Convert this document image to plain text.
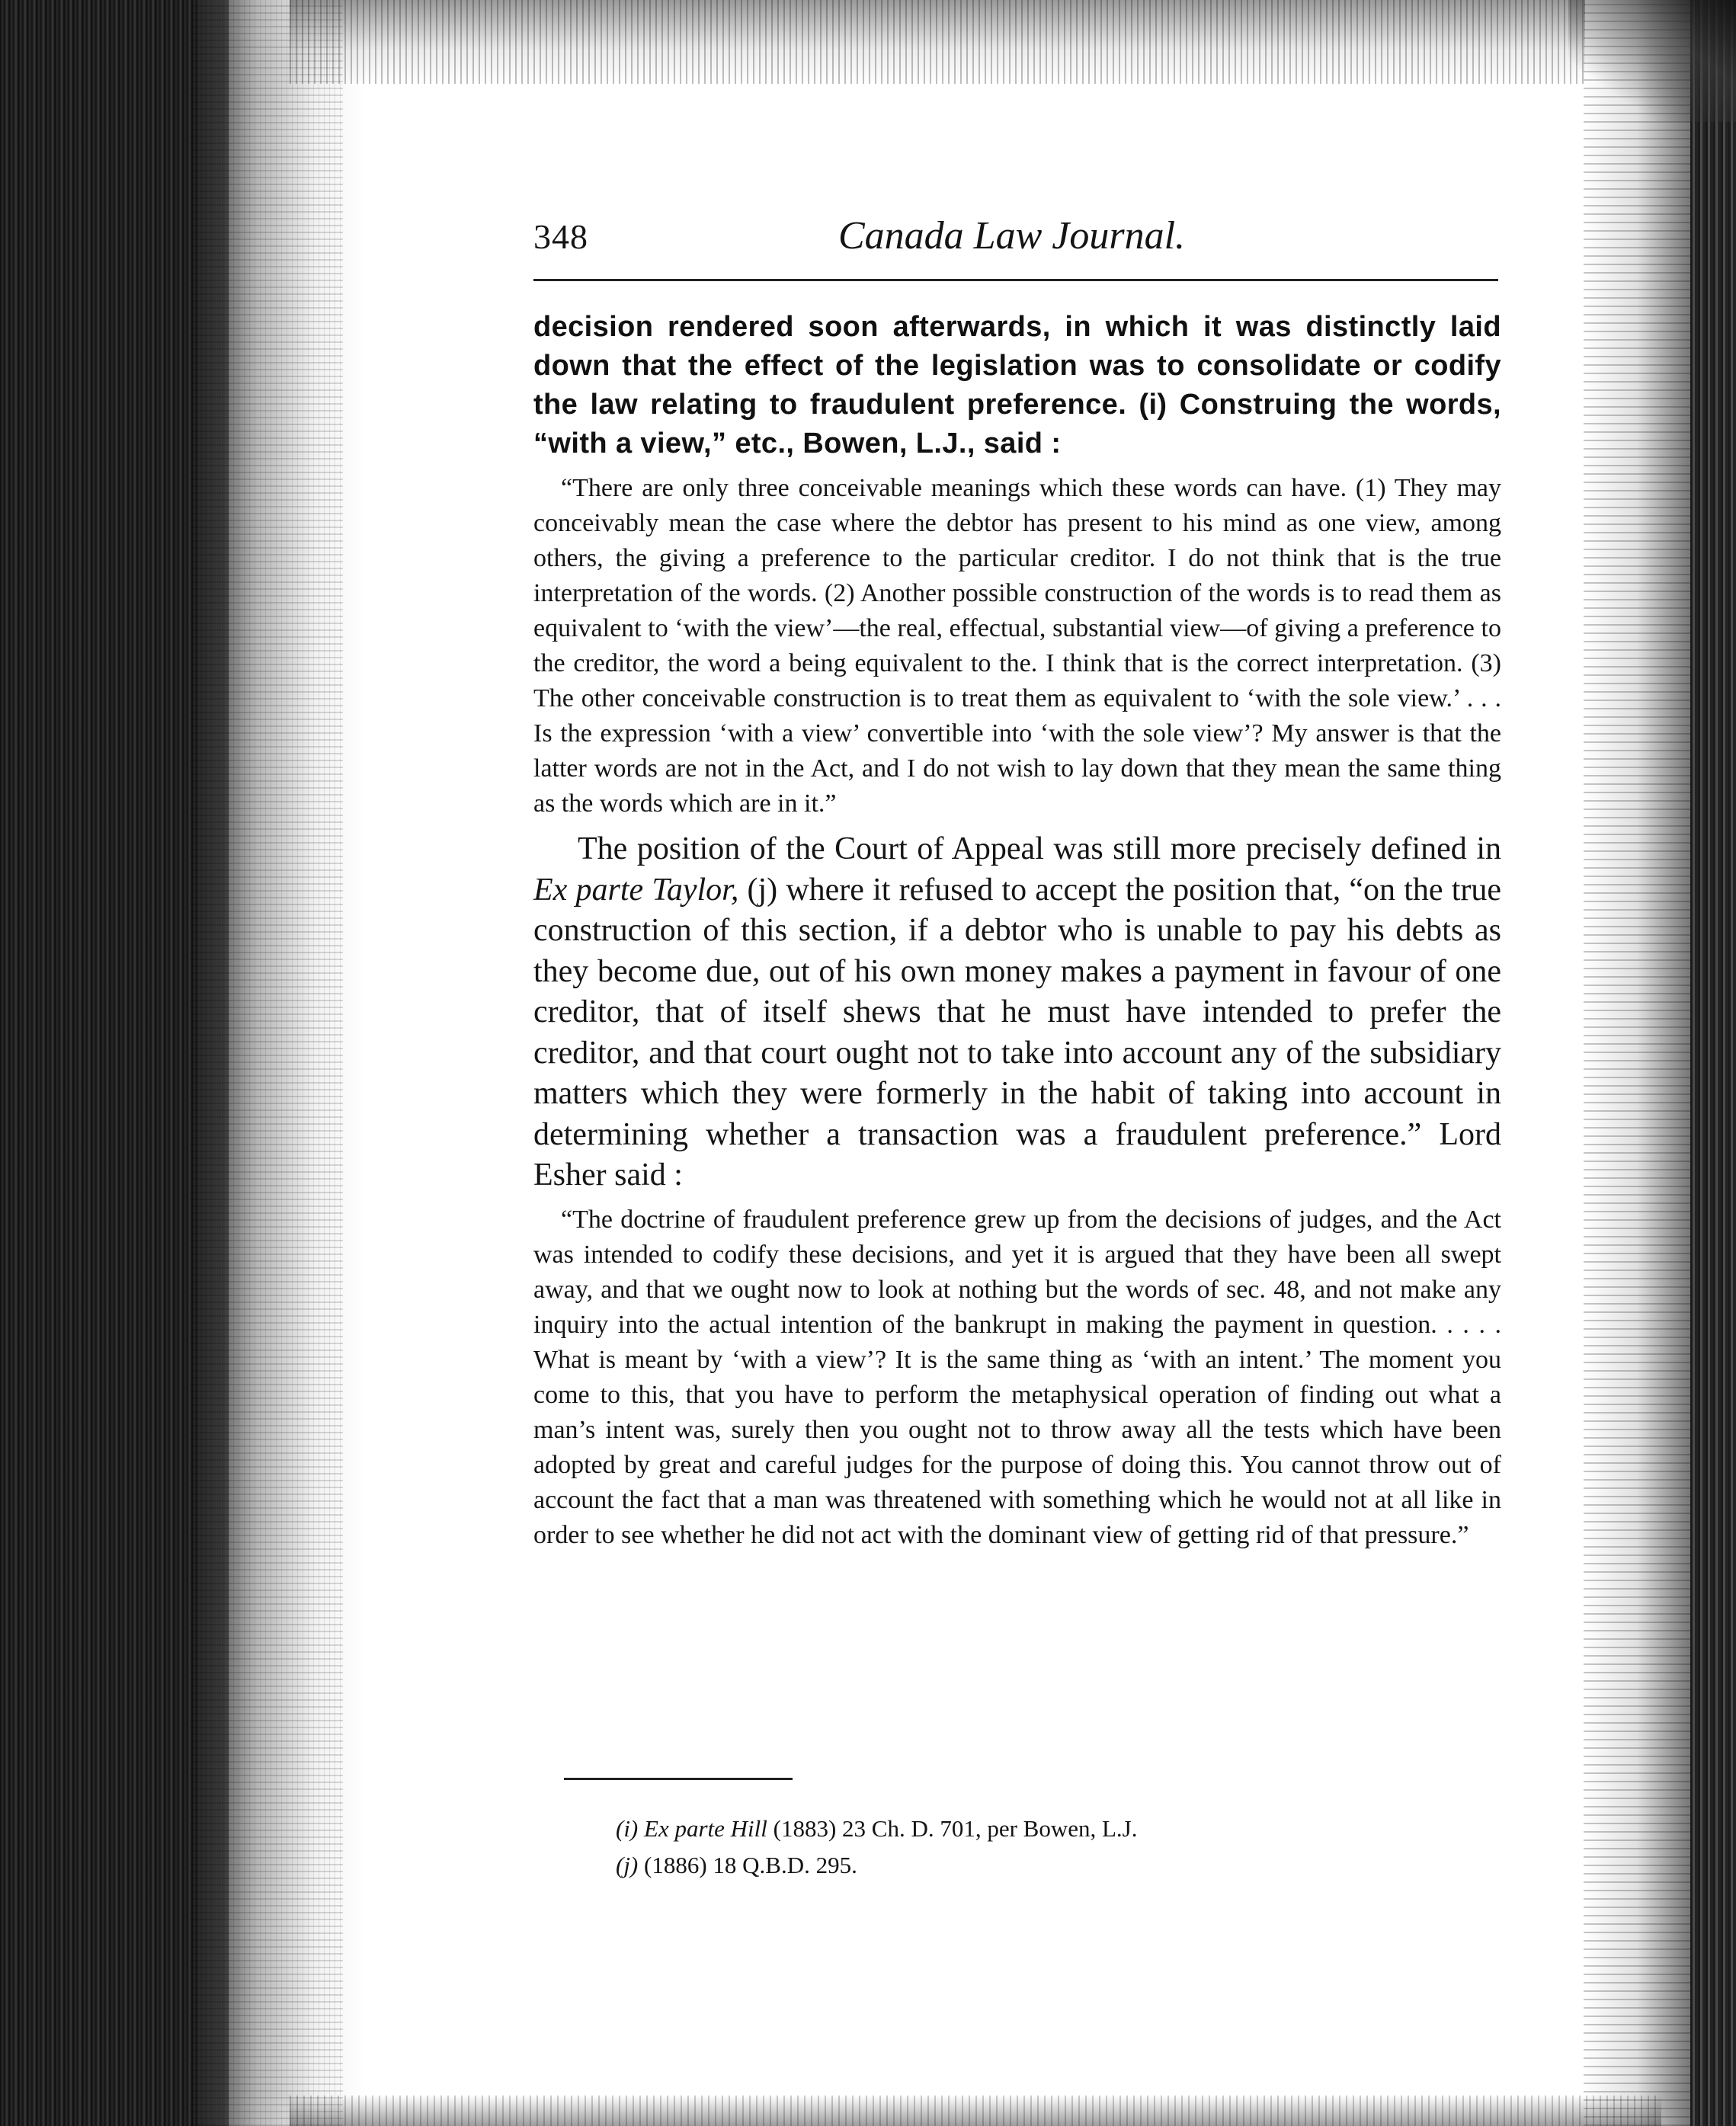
348	Canada Law Journal.

decision rendered soon afterwards, in which it was distinctly laid down that the effect of the legislation was to consolidate or codify the law relating to fraudulent preference. (i) Construing the words, “with a view,” etc., Bowen, L.J., said :

“There are only three conceivable meanings which these words can have. (1) They may conceivably mean the case where the debtor has present to his mind as one view, among others, the giving a preference to the particular creditor. I do not think that is the true interpretation of the words. (2) Another possible construction of the words is to read them as equivalent to ‘with the view’—the real, effectual, substantial view—of giving a preference to the creditor, the word a being equivalent to the. I think that is the correct interpretation. (3) The other conceivable construction is to treat them as equivalent to ‘with the sole view.’ . . . Is the expression ‘with a view’ convertible into ‘with the sole view’? My answer is that the latter words are not in the Act, and I do not wish to lay down that they mean the same thing as the words which are in it.”

The position of the Court of Appeal was still more precisely defined in Ex parte Taylor, (j) where it refused to accept the position that, “on the true construction of this section, if a debtor who is unable to pay his debts as they become due, out of his own money makes a payment in favour of one creditor, that of itself shews that he must have intended to prefer the creditor, and that court ought not to take into account any of the subsidiary matters which they were formerly in the habit of taking into account in determining whether a transaction was a fraudulent preference.” Lord Esher said :

“The doctrine of fraudulent preference grew up from the decisions of judges, and the Act was intended to codify these decisions, and yet it is argued that they have been all swept away, and that we ought now to look at nothing but the words of sec. 48, and not make any inquiry into the actual intention of the bankrupt in making the payment in question. . . . . What is meant by ‘with a view’? It is the same thing as ‘with an intent.’ The moment you come to this, that you have to perform the metaphysical operation of finding out what a man’s intent was, surely then you ought not to throw away all the tests which have been adopted by great and careful judges for the purpose of doing this. You cannot throw out of account the fact that a man was threatened with something which he would not at all like in order to see whether he did not act with the dominant view of getting rid of that pressure.”

(i) Ex parte Hill (1883) 23 Ch. D. 701, per Bowen, L.J.

(j) (1886) 18 Q.B.D. 295.
